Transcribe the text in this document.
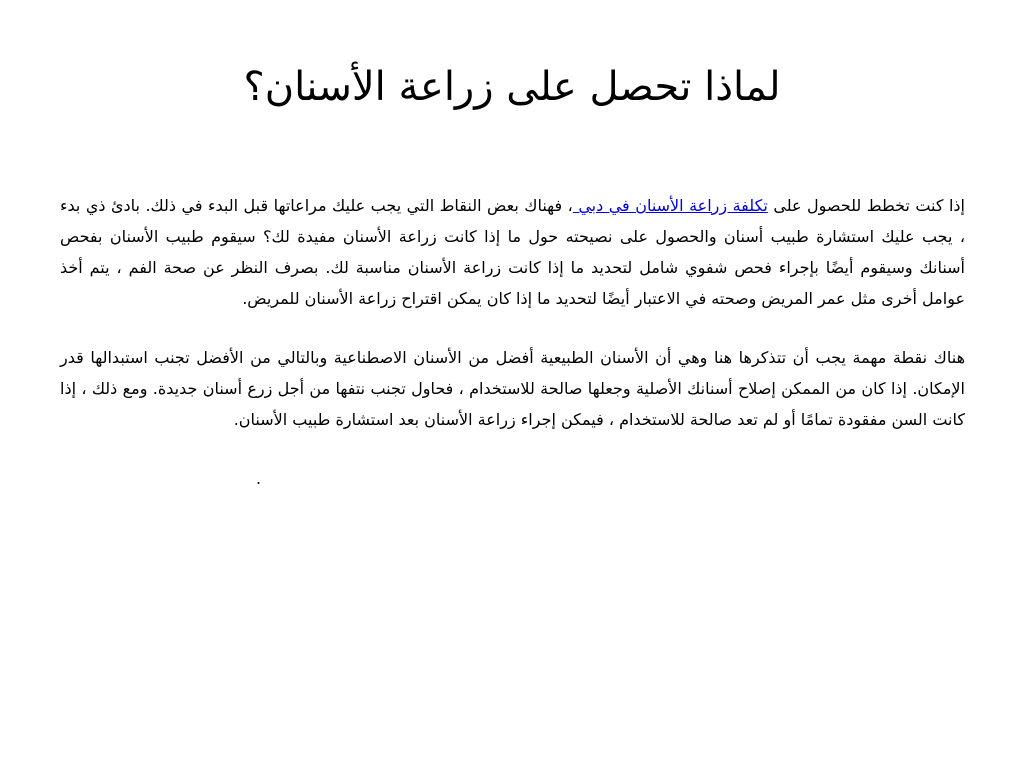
لماذا تحصل على زراعة الأسنان؟

إذا كنت تخطط للحصول على تكلفة زراعة الأسنان في دبي ، فهناك بعض النقاط التي يجب عليك مراعاتها قبل البدء في ذلك. بادئ ذي بدء ، يجب عليك استشارة طبيب أسنان والحصول على نصيحته حول ما إذا كانت زراعة الأسنان مفيدة لك؟ سيقوم طبيب الأسنان بفحص أسنانك وسيقوم أيضًا بإجراء فحص شفوي شامل لتحديد ما إذا كانت زراعة الأسنان مناسبة لك. بصرف النظر عن صحة الفم ، يتم أخذ عوامل أخرى مثل عمر المريض وصحته في الاعتبار أيضًا لتحديد ما إذا كان يمكن اقتراح زراعة الأسنان للمريض.

هناك نقطة مهمة يجب أن تتذكرها هنا وهي أن الأسنان الطبيعية أفضل من الأسنان الاصطناعية وبالتالي من الأفضل تجنب استبدالها قدر الإمكان. إذا كان من الممكن إصلاح أسنانك الأصلية وجعلها صالحة للاستخدام ، فحاول تجنب نتفها من أجل زرع أسنان جديدة. ومع ذلك ، إذا كانت السن مفقودة تمامًا أو لم تعد صالحة للاستخدام ، فيمكن إجراء زراعة الأسنان بعد استشارة طبيب الأسنان.

.
